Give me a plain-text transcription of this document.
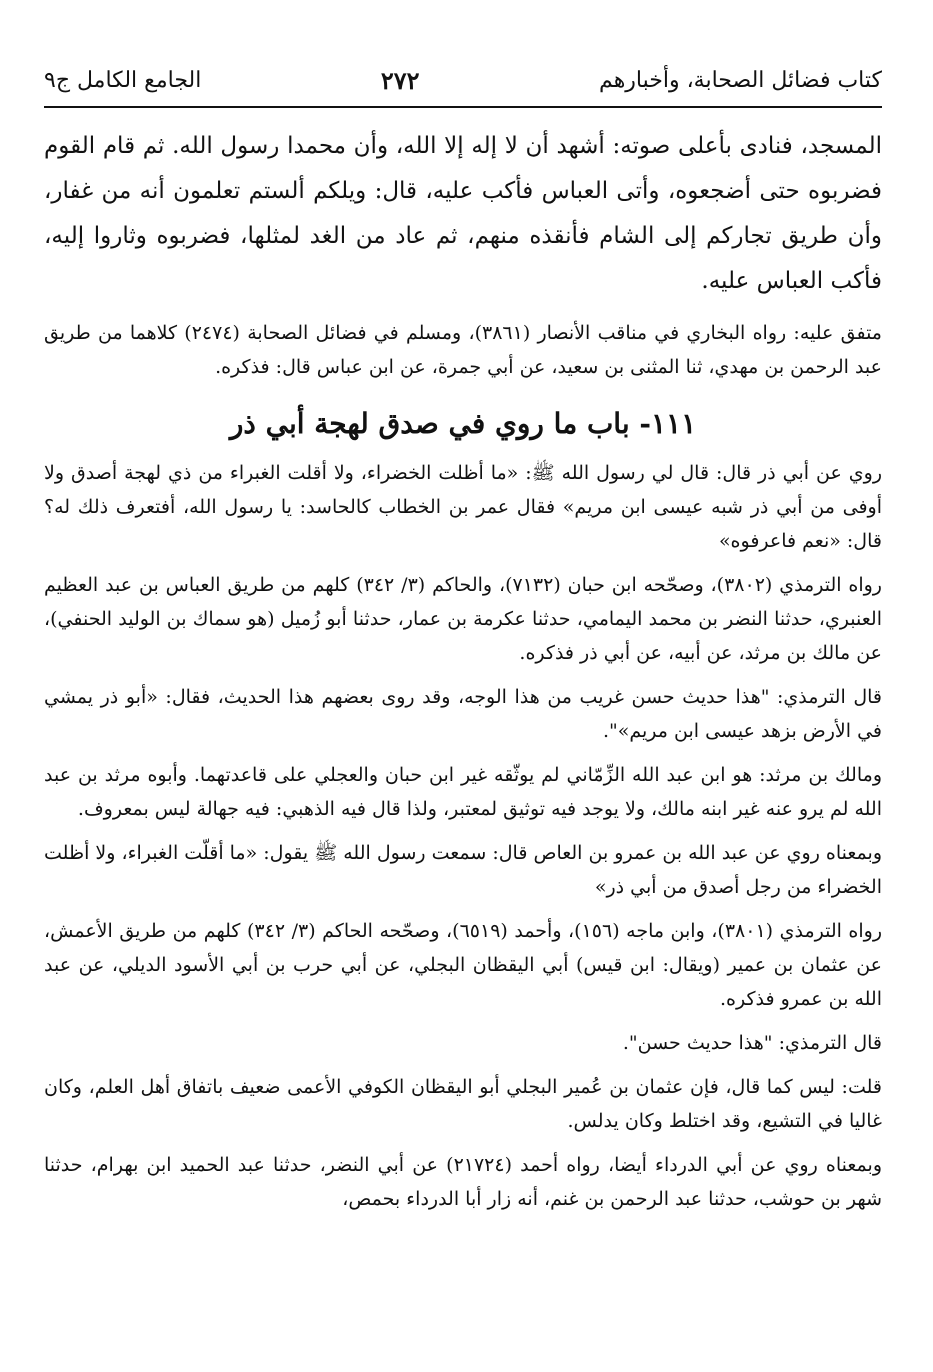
كتاب فضائل الصحابة، وأخبارهم
٢٧٢
الجامع الكامل ج٩
المسجد، فنادى بأعلى صوته: أشهد أن لا إله إلا الله، وأن محمدا رسول الله. ثم قام القوم فضربوه حتى أضجعوه، وأتى العباس فأكب عليه، قال: ويلكم ألستم تعلمون أنه من غفار، وأن طريق تجاركم إلى الشام فأنقذه منهم، ثم عاد من الغد لمثلها، فضربوه وثاروا إليه، فأكب العباس عليه.
متفق عليه: رواه البخاري في مناقب الأنصار (٣٨٦١)، ومسلم في فضائل الصحابة (٢٤٧٤) كلاهما من طريق عبد الرحمن بن مهدي، ثنا المثنى بن سعيد، عن أبي جمرة، عن ابن عباس قال: فذكره.
١١١- باب ما روي في صدق لهجة أبي ذر

روي عن أبي ذر قال: قال لي رسول الله ﷺ: «ما أظلت الخضراء، ولا أقلت الغبراء من ذي لهجة أصدق ولا أوفى من أبي ذر شبه عيسى ابن مريم» فقال عمر بن الخطاب كالحاسد: يا رسول الله، أفتعرف ذلك له؟ قال: «نعم فاعرفوه»

رواه الترمذي (٣٨٠٢)، وصحّحه ابن حبان (٧١٣٢)، والحاكم (٣/ ٣٤٢) كلهم من طريق العباس بن عبد العظيم العنبري، حدثنا النضر بن محمد اليمامي، حدثنا عكرمة بن عمار، حدثنا أبو زُميل (هو سماك بن الوليد الحنفي)، عن مالك بن مرثد، عن أبيه، عن أبي ذر فذكره.

قال الترمذي: "هذا حديث حسن غريب من هذا الوجه، وقد روى بعضهم هذا الحديث، فقال: «أبو ذر يمشي في الأرض بزهد عيسى ابن مريم»".

ومالك بن مرثد: هو ابن عبد الله الزِّمّاني لم يوثّقه غير ابن حبان والعجلي على قاعدتهما. وأبوه مرثد بن عبد الله لم يرو عنه غير ابنه مالك، ولا يوجد فيه توثيق لمعتبر، ولذا قال فيه الذهبي: فيه جهالة ليس بمعروف.

وبمعناه روي عن عبد الله بن عمرو بن العاص قال: سمعت رسول الله ﷺ يقول: «ما أقلّت الغبراء، ولا أظلت الخضراء من رجل أصدق من أبي ذر»

رواه الترمذي (٣٨٠١)، وابن ماجه (١٥٦)، وأحمد (٦٥١٩)، وصحّحه الحاكم (٣/ ٣٤٢) كلهم من طريق الأعمش، عن عثمان بن عمير (ويقال: ابن قيس) أبي اليقظان البجلي، عن أبي حرب بن أبي الأسود الديلي، عن عبد الله بن عمرو فذكره.

قال الترمذي: "هذا حديث حسن".

قلت: ليس كما قال، فإن عثمان بن عُمير البجلي أبو اليقظان الكوفي الأعمى ضعيف باتفاق أهل العلم، وكان غاليا في التشيع، وقد اختلط وكان يدلس.

وبمعناه روي عن أبي الدرداء أيضا، رواه أحمد (٢١٧٢٤) عن أبي النضر، حدثنا عبد الحميد ابن بهرام، حدثنا شهر بن حوشب، حدثنا عبد الرحمن بن غنم، أنه زار أبا الدرداء بحمص،
